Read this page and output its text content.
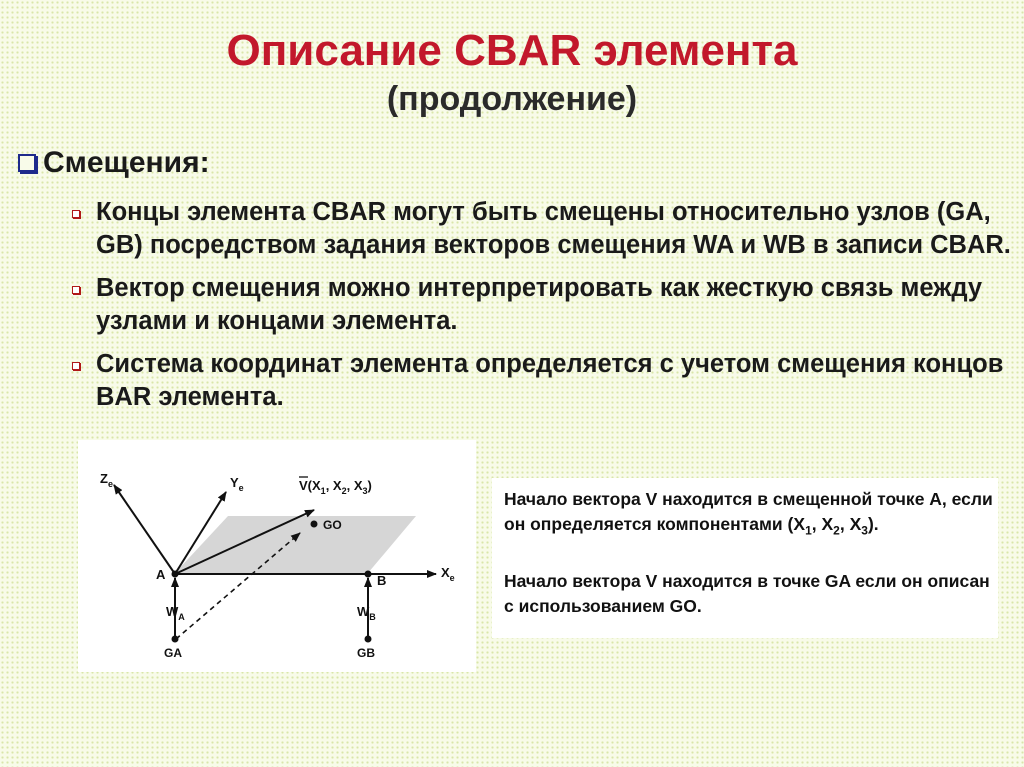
Описание CBAR элемента
(продолжение)
Смещения:
Концы элемента CBAR могут быть смещены относительно узлов (GA, GB) посредством задания векторов смещения WA и WB в записи CBAR.
Вектор смещения можно интерпретировать как жесткую связь между узлами и концами элемента.
Система координат элемента определяется с учетом смещения концов BAR элемента.
$Z_e$	$Y_e$
$X_e$
$V(X_1$, $X_2$, $X_3$)
GO
A	B
$W_A$	$W_B$
GA	GB

Начало вектора V находится в смещенной точке A, если он определяется компонентами ($X_1$, $X_2$, $X_3$).

Начало вектора V находится в точке GA если он описан с использованием GO.
